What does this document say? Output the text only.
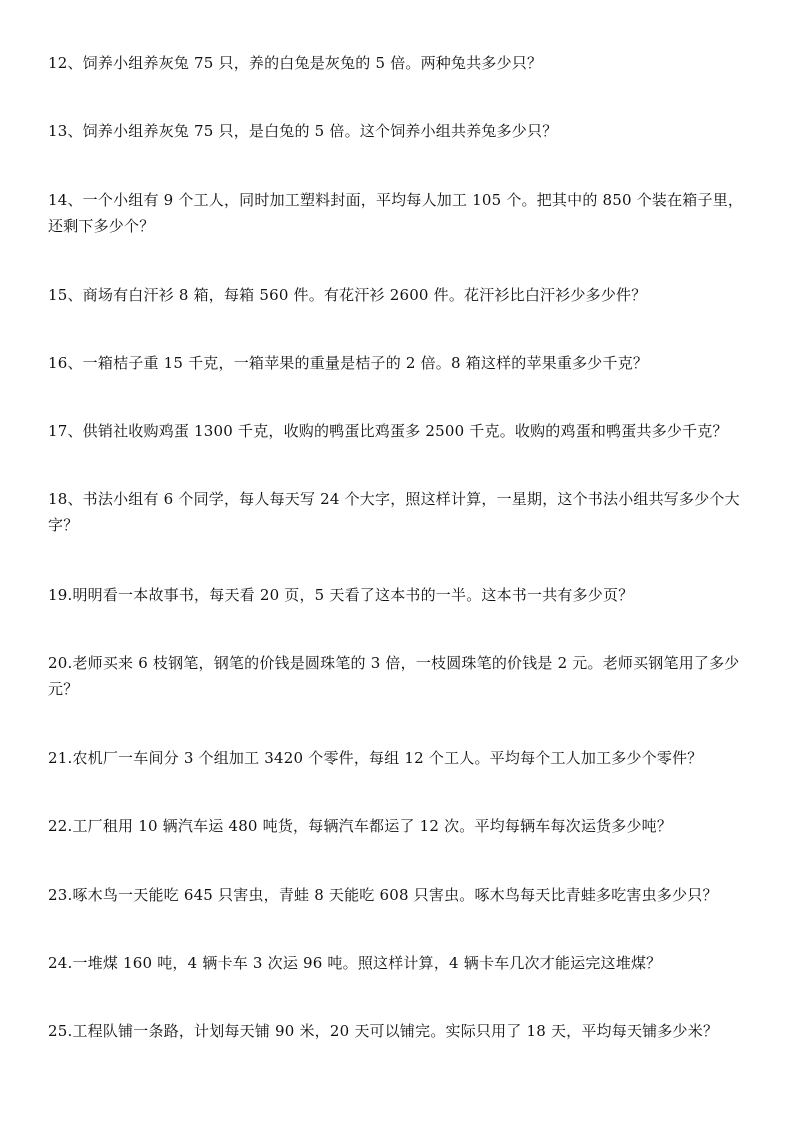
12、饲养小组养灰兔 75 只，养的白兔是灰兔的 5 倍。两种兔共多少只？
13、饲养小组养灰兔 75 只，是白兔的 5 倍。这个饲养小组共养兔多少只？
14、一个小组有 9 个工人，同时加工塑料封面，平均每人加工 105 个。把其中的 850 个装在箱子里，还剩下多少个？
15、商场有白汗衫 8 箱，每箱 560 件。有花汗衫 2600 件。花汗衫比白汗衫少多少件？
16、一箱桔子重 15 千克，一箱苹果的重量是桔子的 2 倍。8 箱这样的苹果重多少千克？
17、供销社收购鸡蛋 1300 千克，收购的鸭蛋比鸡蛋多 2500 千克。收购的鸡蛋和鸭蛋共多少千克？
18、书法小组有 6 个同学，每人每天写 24 个大字，照这样计算，一星期，这个书法小组共写多少个大字？
19.明明看一本故事书，每天看 20 页，5 天看了这本书的一半。这本书一共有多少页？
20.老师买来 6 枝钢笔，钢笔的价钱是圆珠笔的 3 倍，一枝圆珠笔的价钱是 2 元。老师买钢笔用了多少元？
21.农机厂一车间分 3 个组加工 3420 个零件，每组 12 个工人。平均每个工人加工多少个零件？
22.工厂租用 10 辆汽车运 480 吨货，每辆汽车都运了 12 次。平均每辆车每次运货多少吨？
23.啄木鸟一天能吃 645 只害虫，青蛙 8 天能吃 608 只害虫。啄木鸟每天比青蛙多吃害虫多少只？
24.一堆煤 160 吨，4 辆卡车 3 次运 96 吨。照这样计算，4 辆卡车几次才能运完这堆煤？
25.工程队铺一条路，计划每天铺 90 米，20 天可以铺完。实际只用了 18 天，平均每天铺多少米？
